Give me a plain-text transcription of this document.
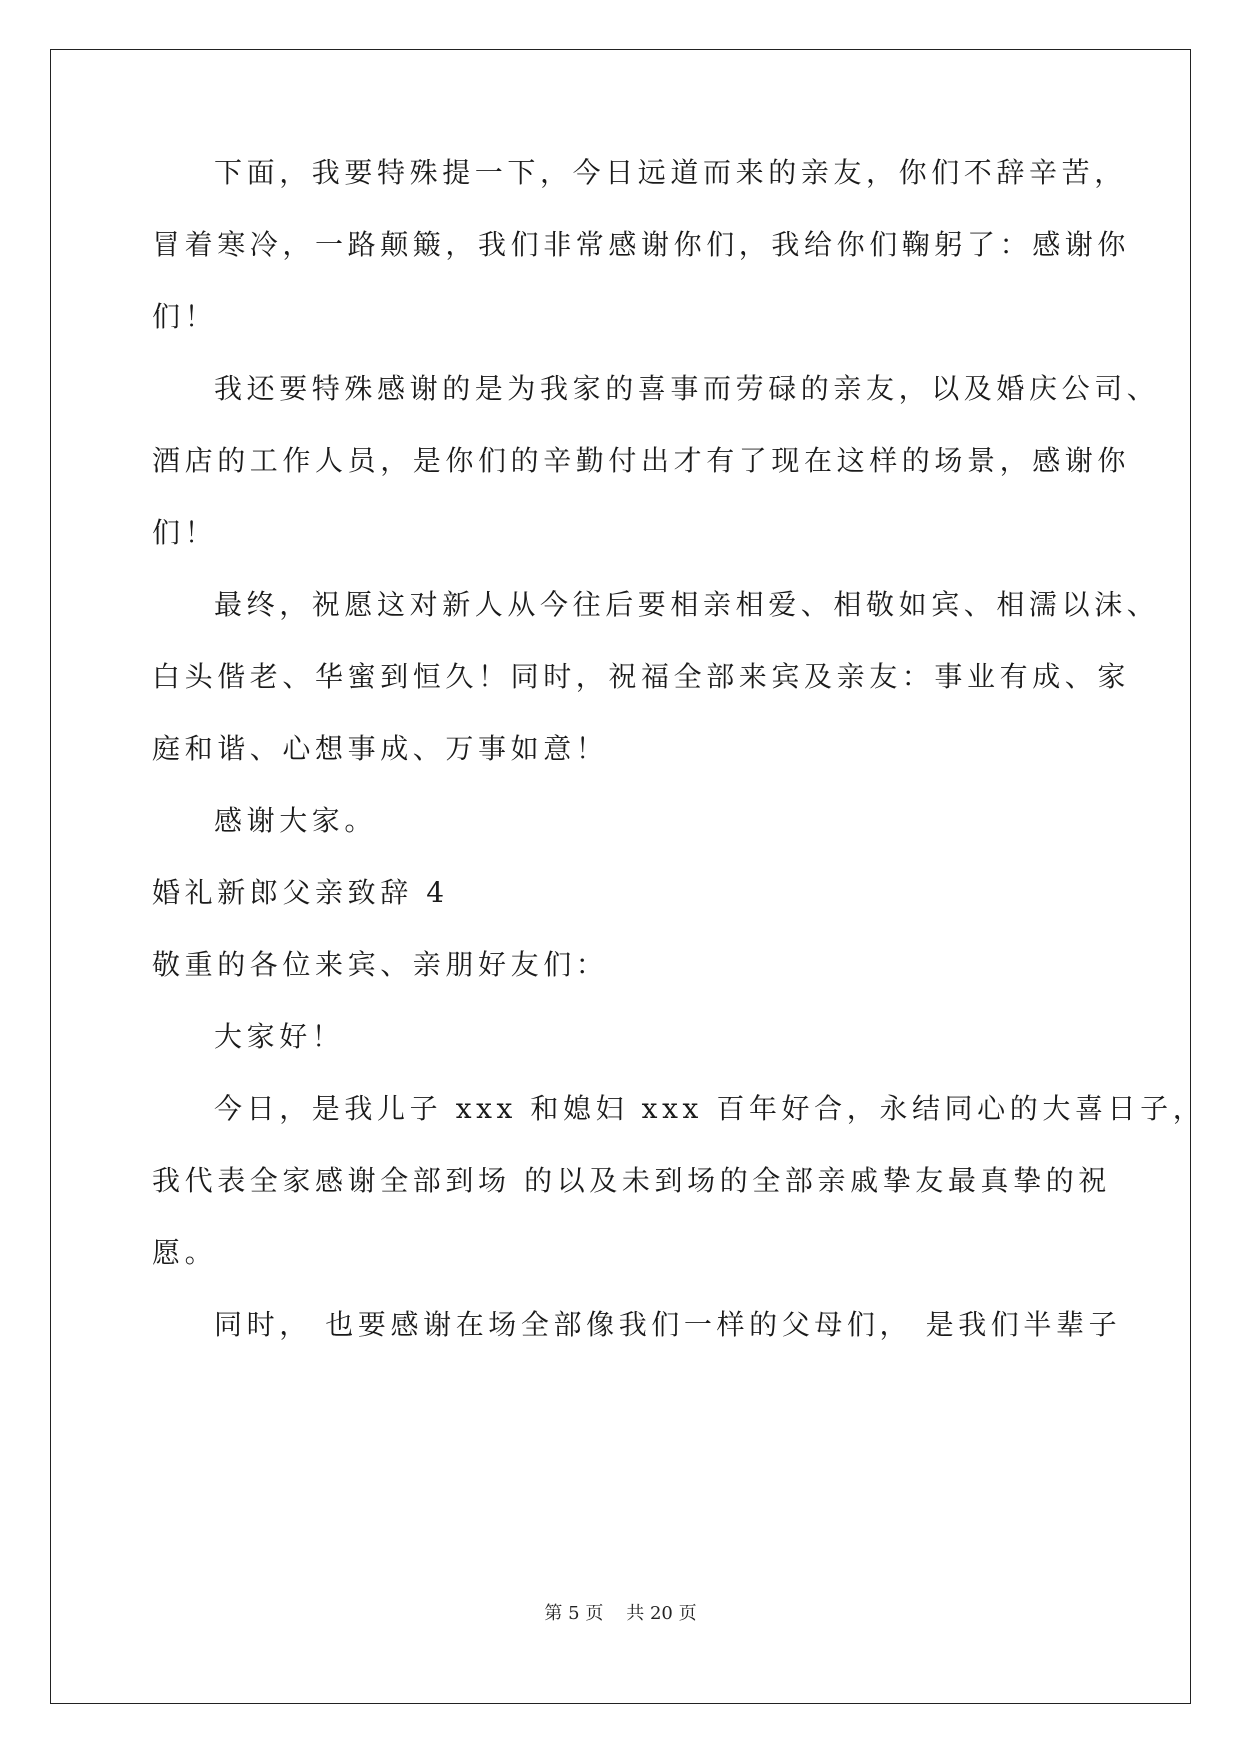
下面，我要特殊提一下，今日远道而来的亲友，你们不辞辛苦，
冒着寒冷，一路颠簸，我们非常感谢你们，我给你们鞠躬了：感谢你
们！
我还要特殊感谢的是为我家的喜事而劳碌的亲友，以及婚庆公司、
酒店的工作人员，是你们的辛勤付出才有了现在这样的场景，感谢你
们！
最终，祝愿这对新人从今往后要相亲相爱、相敬如宾、相濡以沫、
白头偕老、华蜜到恒久！同时，祝福全部来宾及亲友：事业有成、家
庭和谐、心想事成、万事如意！
感谢大家。
婚礼新郎父亲致辞 4
敬重的各位来宾、亲朋好友们：
大家好！
今日，是我儿子 xxx 和媳妇 xxx 百年好合，永结同心的大喜日子，
我代表全家感谢全部到场 的以及未到场的全部亲戚挚友最真挚的祝
愿。
同时， 也要感谢在场全部像我们一样的父母们， 是我们半辈子
第 5 页 共 20 页
